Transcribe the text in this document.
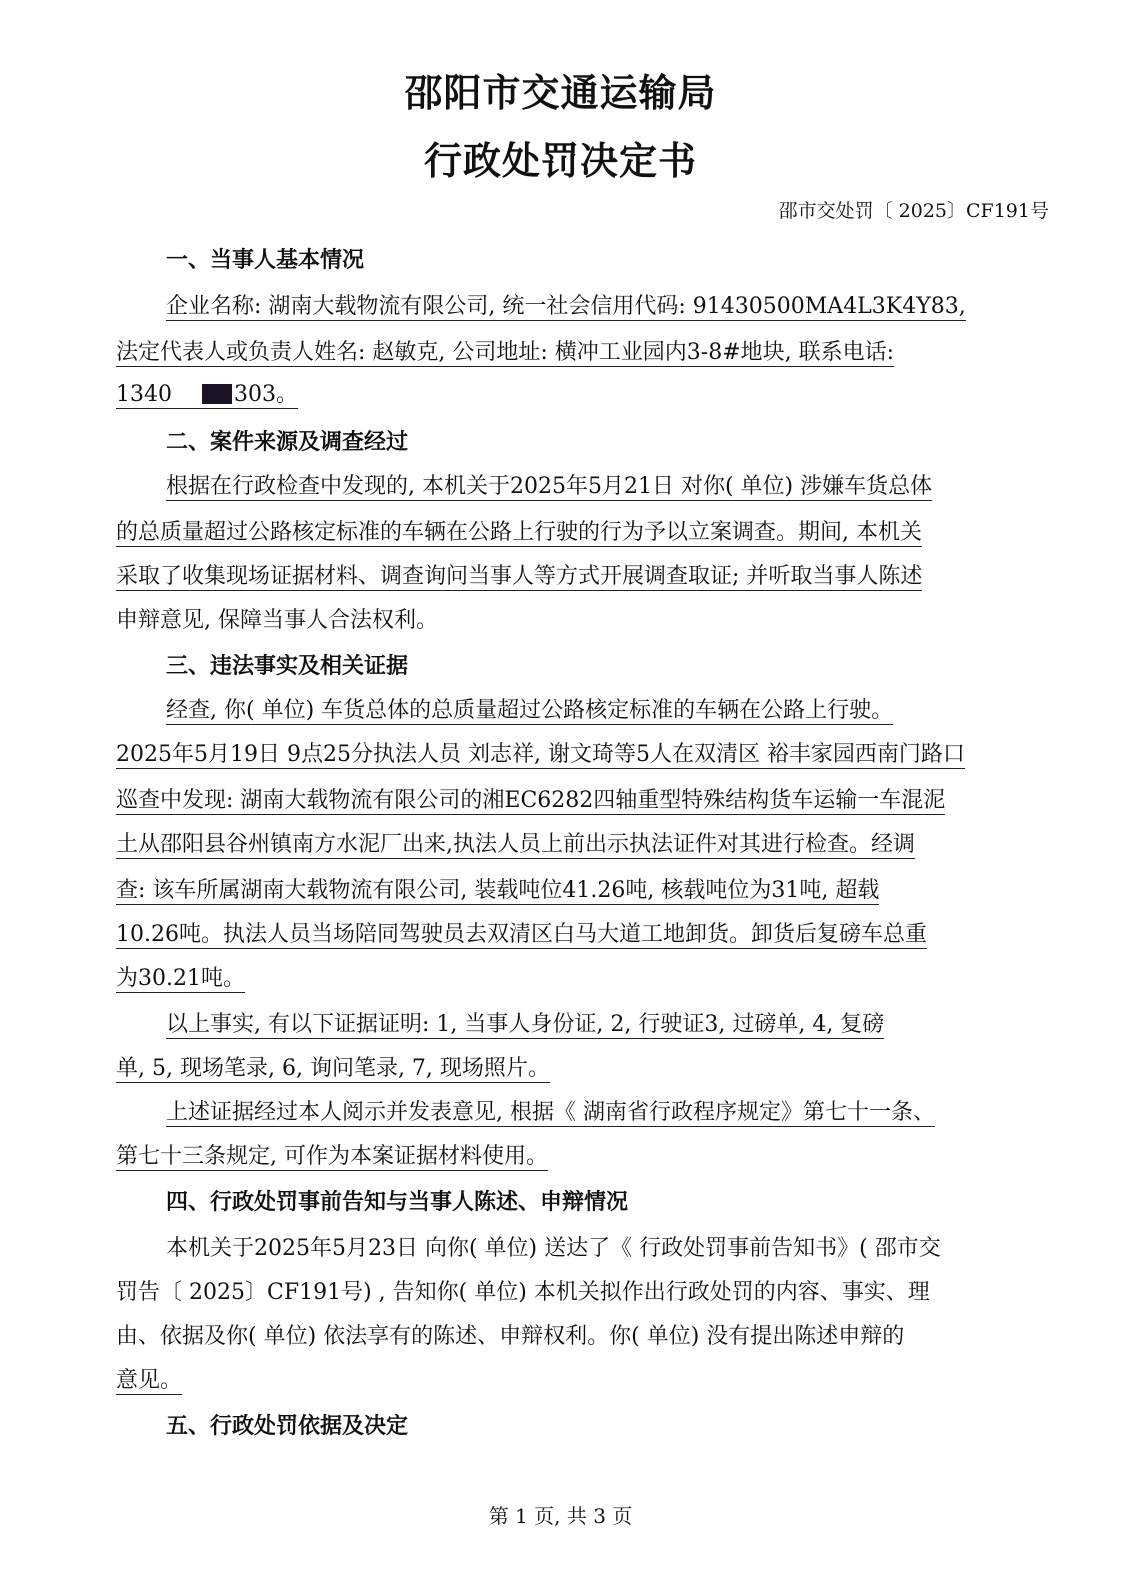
邵阳市交通运输局
行政处罚决定书
邵市交处罚〔 2025〕CF191号
一、当事人基本情况
企业名称: 湖南大载物流有限公司, 统一社会信用代码: 91430500MA4L3K4Y83,
法定代表人或负责人姓名: 赵敏克, 公司地址: 横冲工业园内3-8#地块, 联系电话:
1340	303。
二、案件来源及调查经过
根据在行政检查中发现的, 本机关于2025年5月21日 对你( 单位) 涉嫌车货总体
的总质量超过公路核定标准的车辆在公路上行驶的行为予以立案调查。期间, 本机关
采取了收集现场证据材料、调查询问当事人等方式开展调查取证; 并听取当事人陈述
申辩意见, 保障当事人合法权利。
三、违法事实及相关证据
经查, 你( 单位) 车货总体的总质量超过公路核定标准的车辆在公路上行驶。
2025年5月19日 9点25分执法人员 刘志祥, 谢文琦等5人在双清区 裕丰家园西南门路口
巡查中发现: 湖南大载物流有限公司的湘EC6282四轴重型特殊结构货车运输一车混泥
土从邵阳县谷州镇南方水泥厂出来,执法人员上前出示执法证件对其进行检查。经调
查: 该车所属湖南大载物流有限公司, 装载吨位41.26吨, 核载吨位为31吨, 超载
10.26吨。执法人员当场陪同驾驶员去双清区白马大道工地卸货。卸货后复磅车总重
为30.21吨。
以上事实, 有以下证据证明: 1, 当事人身份证, 2, 行驶证3, 过磅单, 4, 复磅
单, 5, 现场笔录, 6, 询问笔录, 7, 现场照片。
上述证据经过本人阅示并发表意见, 根据《 湖南省行政程序规定》第七十一条、
第七十三条规定, 可作为本案证据材料使用。
四、行政处罚事前告知与当事人陈述、申辩情况
本机关于2025年5月23日 向你( 单位) 送达了《 行政处罚事前告知书》( 邵市交
罚告〔 2025〕CF191号) , 告知你( 单位) 本机关拟作出行政处罚的内容、事实、理
由、依据及你( 单位) 依法享有的陈述、申辩权利。你( 单位) 没有提出陈述申辩的
意见。
五、行政处罚依据及决定
第 1 页, 共 3 页
